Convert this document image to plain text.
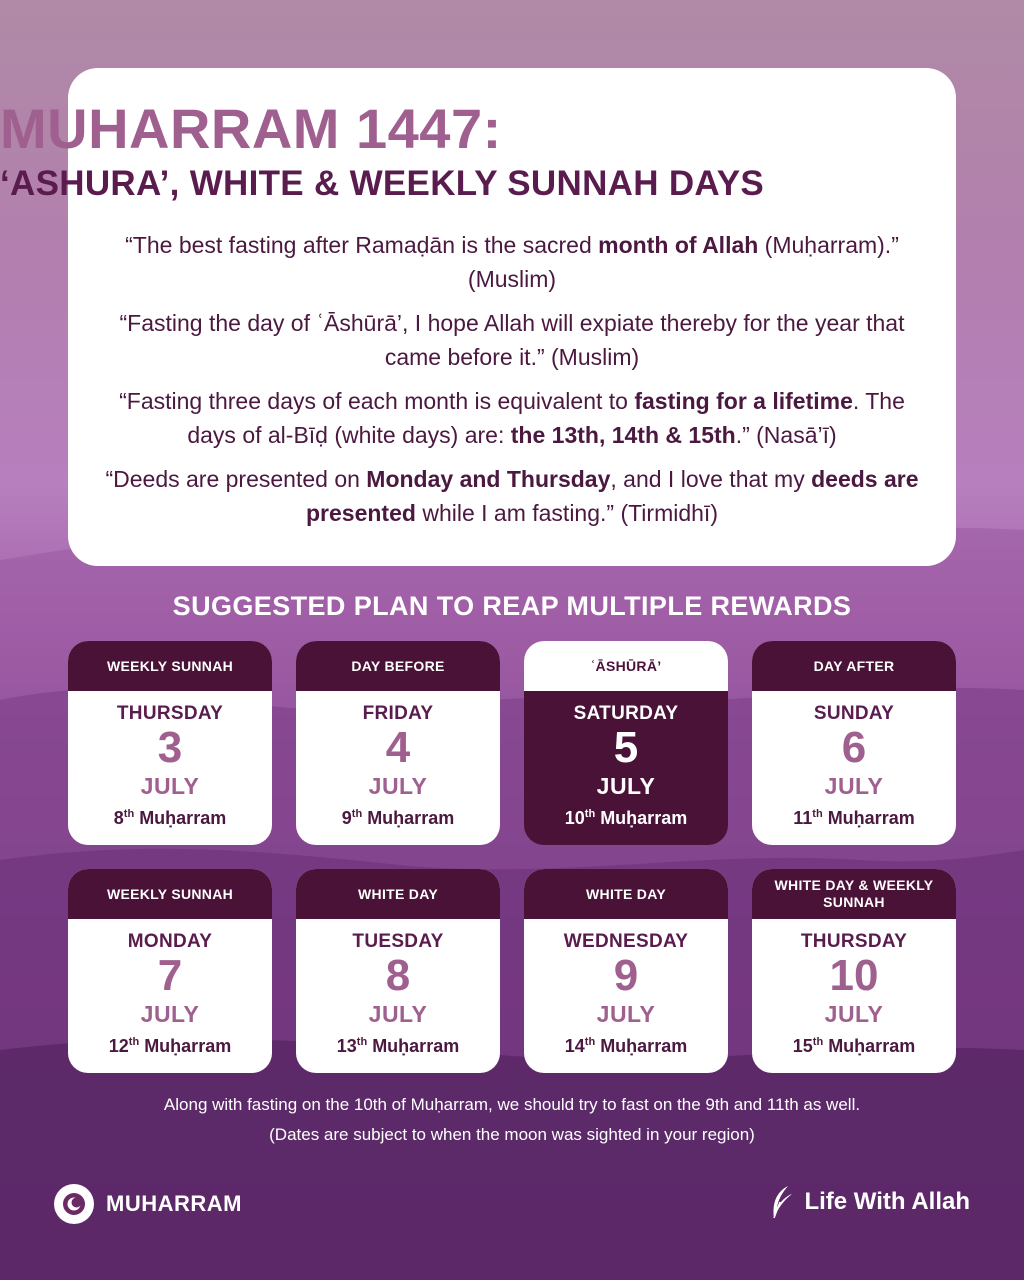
MUHARRAM 1447:
‘ASHURA’, WHITE & WEEKLY SUNNAH DAYS
“The best fasting after Ramaḍān is the sacred month of Allah (Muḥarram).” (Muslim)
“Fasting the day of ʿĀshūrā’, I hope Allah will expiate thereby for the year that came before it.” (Muslim)
“Fasting three days of each month is equivalent to fasting for a lifetime. The days of al-Bīḍ (white days) are: the 13th, 14th & 15th.” (Nasā’ī)
“Deeds are presented on Monday and Thursday, and I love that my deeds are presented while I am fasting.” (Tirmidhī)
SUGGESTED PLAN TO REAP MULTIPLE REWARDS
WEEKLY SUNNAH
THURSDAY
3
JULY
8th Muḥarram
DAY BEFORE
FRIDAY
4
JULY
9th Muḥarram
ʿĀSHŪRĀ’
SATURDAY
5
JULY
10th Muḥarram
DAY AFTER
SUNDAY
6
JULY
11th Muḥarram
WEEKLY SUNNAH
MONDAY
7
JULY
12th Muḥarram
WHITE DAY
TUESDAY
8
JULY
13th Muḥarram
WHITE DAY
WEDNESDAY
9
JULY
14th Muḥarram
WHITE DAY & WEEKLY SUNNAH
THURSDAY
10
JULY
15th Muḥarram
Along with fasting on the 10th of Muḥarram, we should try to fast on the 9th and 11th as well.
(Dates are subject to when the moon was sighted in your region)
MUHARRAM	Life With Allah
